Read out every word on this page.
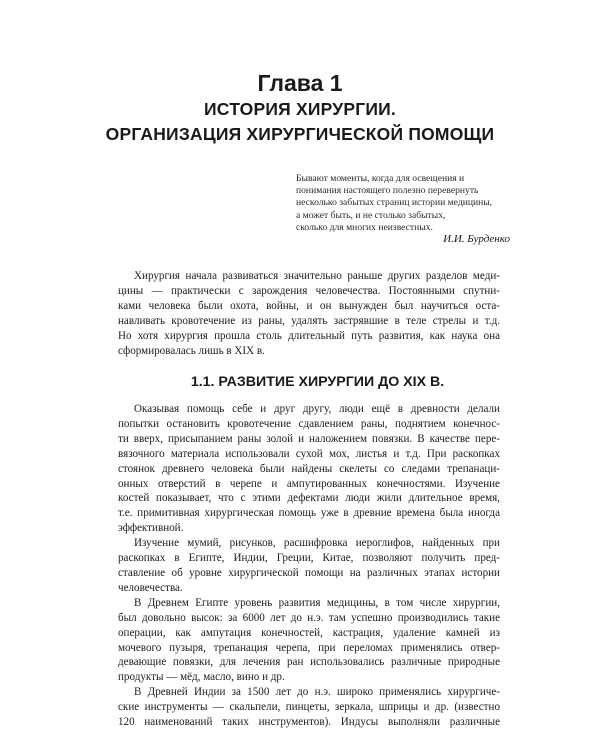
Глава 1
ИСТОРИЯ ХИРУРГИИ.
ОРГАНИЗАЦИЯ ХИРУРГИЧЕСКОЙ ПОМОЩИ
Бывают моменты, когда для освещения и
понимания настоящего полезно перевернуть
несколько забытых страниц истории медицины,
а может быть, и не столько забытых,
сколько для многих неизвестных.
И.И. Бурденко
Хирургия начала развиваться значительно раньше других разделов меди-
цины — практически с зарождения человечества. Постоянными спутни-
ками человека были охота, войны, и он вынужден был научиться оста-
навливать кровотечение из раны, удалять застрявшие в теле стрелы и т.д.
Но хотя хирургия прошла столь длительный путь развития, как наука она
сформировалась лишь в XIX в.
1.1. РАЗВИТИЕ ХИРУРГИИ ДО XIX В.
Оказывая помощь себе и друг другу, люди ещё в древности делали
попытки остановить кровотечение сдавлением раны, поднятием конечнос-
ти вверх, присыпанием раны золой и наложением повязки. В качестве пере-
вязочного материала использовали сухой мох, листья и т.д. При раскопках
стоянок древнего человека были найдены скелеты со следами трепанаци-
онных отверстий в черепе и ампутированных конечностями. Изучение
костей показывает, что с этими дефектами люди жили длительное время,
т.е. примитивная хирургическая помощь уже в древние времена была иногда
эффективной.
Изучение мумий, рисунков, расшифровка иероглифов, найденных при
раскопках в Египте, Индии, Греции, Китае, позволяют получить пред-
ставление об уровне хирургической помощи на различных этапах истории
человечества.
В Древнем Египте уровень развития медицины, в том числе хирургии,
был довольно высок: за 6000 лет до н.э. там успешно производились такие
операции, как ампутация конечностей, кастрация, удаление камней из
мочевого пузыря, трепанация черепа, при переломах применялись отвер-
девающие повязки, для лечения ран использовались различные природные
продукты — мёд, масло, вино и др.
В Древней Индии за 1500 лет до н.э. широко применялись хирургиче-
ские инструменты — скальпели, пинцеты, зеркала, шприцы и др. (известно
120 наименований таких инструментов). Индусы выполняли различные
